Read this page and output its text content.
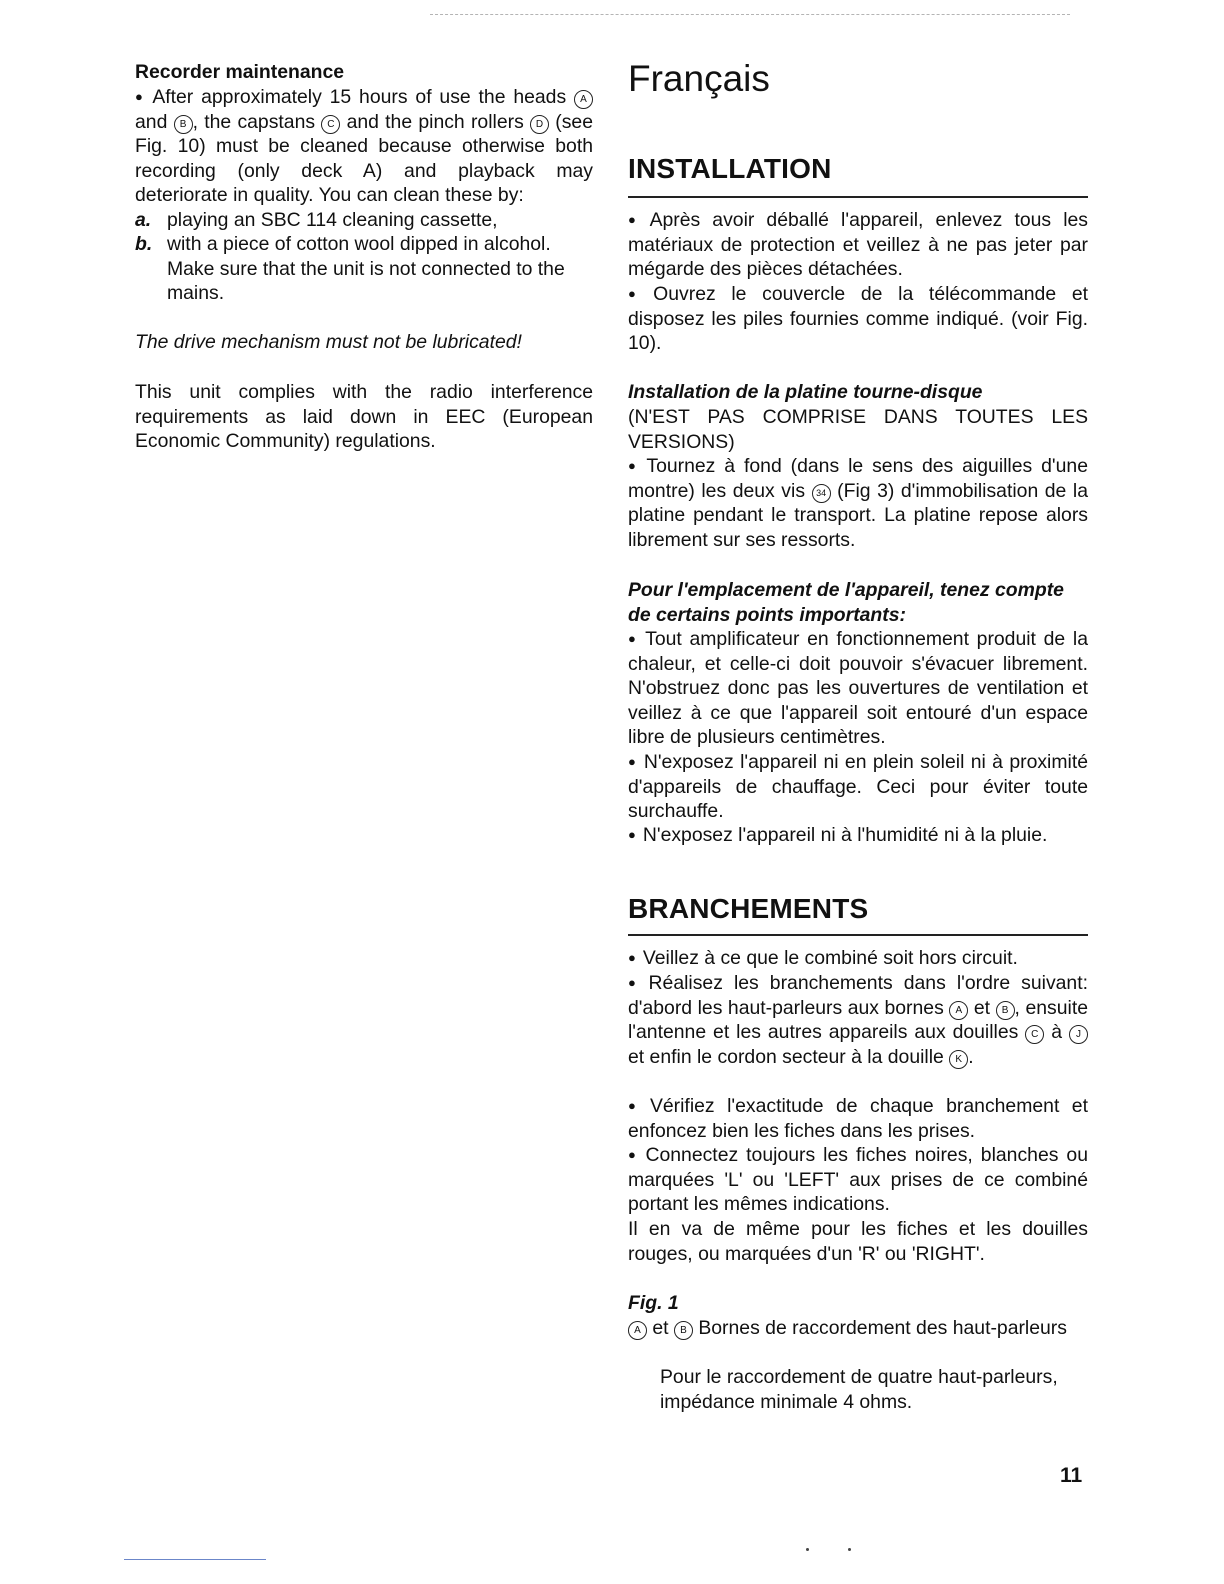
Recorder maintenance
● After approximately 15 hours of use the heads A and B , the capstans C and the pinch rollers D (see Fig. 10) must be cleaned because otherwise both recording (only deck A) and playback may deteriorate in quality. You can clean these by:
a. playing an SBC 114 cleaning cassette,
b. with a piece of cotton wool dipped in alcohol. Make sure that the unit is not connected to the mains.
The drive mechanism must not be lubricated!
This unit complies with the radio interference requirements as laid down in EEC (European Economic Community) regulations.
Français
INSTALLATION
● Après avoir déballé l'appareil, enlevez tous les matériaux de protection et veillez à ne pas jeter par mégarde des pièces détachées.
● Ouvrez le couvercle de la télécommande et disposez les piles fournies comme indiqué. (voir Fig. 10).
Installation de la platine tourne-disque
(N'EST PAS COMPRISE DANS TOUTES LES VERSIONS)
● Tournez à fond (dans le sens des aiguilles d'une montre) les deux vis 34 (Fig 3) d'immobilisation de la platine pendant le transport. La platine repose alors librement sur ses ressorts.
Pour l'emplacement de l'appareil, tenez compte de certains points importants:
● Tout amplificateur en fonctionnement produit de la chaleur, et celle-ci doit pouvoir s'évacuer librement. N'obstruez donc pas les ouvertures de ventilation et veillez à ce que l'appareil soit entouré d'un espace libre de plusieurs centimètres.
● N'exposez l'appareil ni en plein soleil ni à proximité d'appareils de chauffage. Ceci pour éviter toute surchauffe.
● N'exposez l'appareil ni à l'humidité ni à la pluie.
BRANCHEMENTS
● Veillez à ce que le combiné soit hors circuit.
● Réalisez les branchements dans l'ordre suivant: d'abord les haut-parleurs aux bornes A et B , ensuite l'antenne et les autres appareils aux douilles C à J et enfin le cordon secteur à la douille K .
● Vérifiez l'exactitude de chaque branchement et enfoncez bien les fiches dans les prises.
● Connectez toujours les fiches noires, blanches ou marquées 'L' ou 'LEFT' aux prises de ce combiné portant les mêmes indications.
Il en va de même pour les fiches et les douilles rouges, ou marquées d'un 'R' ou 'RIGHT'.
Fig. 1
A et B Bornes de raccordement des haut-parleurs
Pour le raccordement de quatre haut-parleurs, impédance minimale 4 ohms.
11
